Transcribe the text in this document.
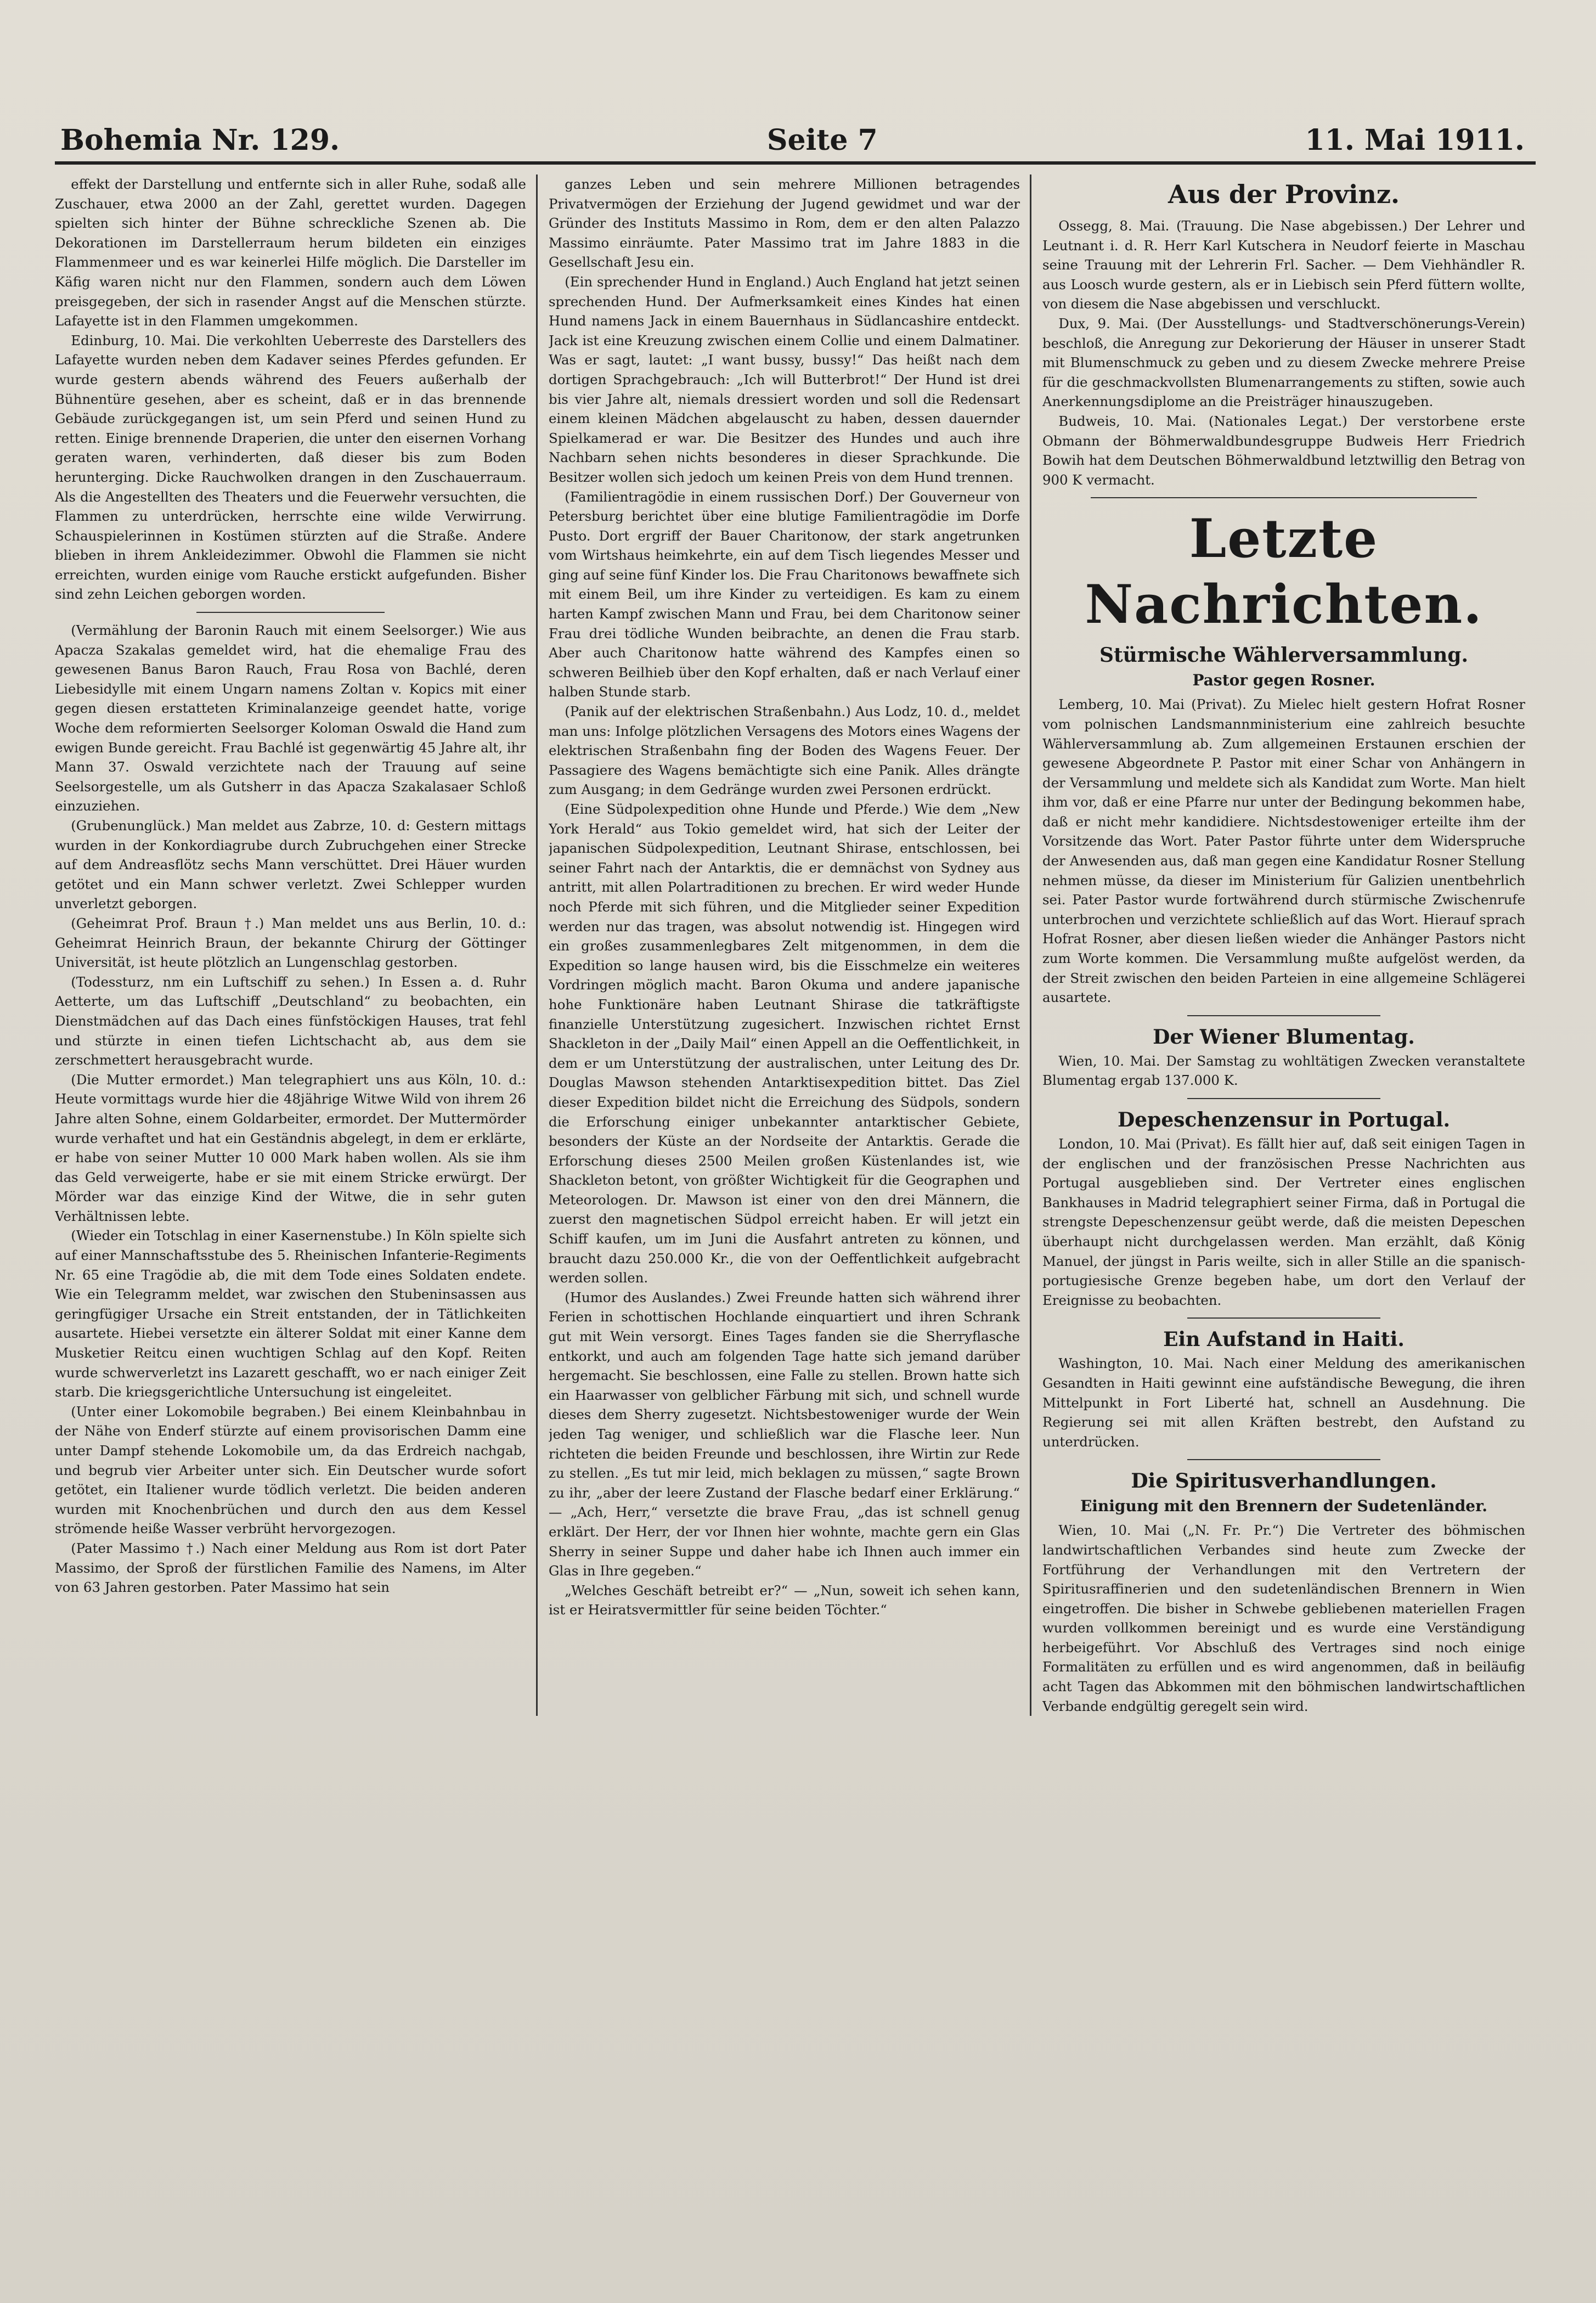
Bohemia Nr. 129.	Seite 7	11. Mai 1911.

effekt der Darstellung und entfernte sich in aller Ruhe, sodaß alle Zuschauer, etwa 2000 an der Zahl, gerettet wurden. Dagegen spielten sich hinter der Bühne schreckliche Szenen ab. Die Dekorationen im Darstellerraum herum bildeten ein einziges Flammenmeer und es war keinerlei Hilfe möglich. Die Darsteller im Käfig waren nicht nur den Flammen, sondern auch dem Löwen preisgegeben, der sich in rasender Angst auf die Menschen stürzte. Lafayette ist in den Flammen umgekommen.

Edinburg, 10. Mai. Die verkohlten Ueberreste des Darstellers des Lafayette wurden neben dem Kadaver seines Pferdes gefunden. Er wurde gestern abends während des Feuers außerhalb der Bühnentüre gesehen, aber es scheint, daß er in das brennende Gebäude zurückgegangen ist, um sein Pferd und seinen Hund zu retten. Einige brennende Draperien, die unter den eisernen Vorhang geraten waren, verhinderten, daß dieser bis zum Boden herunterging. Dicke Rauchwolken drangen in den Zuschauerraum. Als die Angestellten des Theaters und die Feuerwehr versuchten, die Flammen zu unterdrücken, herrschte eine wilde Verwirrung. Schauspielerinnen in Kostümen stürzten auf die Straße. Andere blieben in ihrem Ankleidezimmer. Obwohl die Flammen sie nicht erreichten, wurden einige vom Rauche erstickt aufgefunden. Bisher sind zehn Leichen geborgen worden.

(Vermählung der Baronin Rauch mit einem Seelsorger.) Wie aus Apacza Szakalas gemeldet wird, hat die ehemalige Frau des gewesenen Banus Baron Rauch, Frau Rosa von Bachlé, deren Liebesidylle mit einem Ungarn namens Zoltan v. Kopics mit einer gegen diesen erstatteten Kriminalanzeige geendet hatte, vorige Woche dem reformierten Seelsorger Koloman Oswald die Hand zum ewigen Bunde gereicht. Frau Bachlé ist gegenwärtig 45 Jahre alt, ihr Mann 37. Oswald verzichtete nach der Trauung auf seine Seelsorgestelle, um als Gutsherr in das Apacza Szakalasaer Schloß einzuziehen.

(Grubenunglück.) Man meldet aus Zabrze, 10. d: Gestern mittags wurden in der Konkordiagrube durch Zubruchgehen einer Strecke auf dem Andreasflötz sechs Mann verschüttet. Drei Häuer wurden getötet und ein Mann schwer verletzt. Zwei Schlepper wurden unverletzt geborgen.

(Geheimrat Prof. Braun †.) Man meldet uns aus Berlin, 10. d.: Geheimrat Heinrich Braun, der bekannte Chirurg der Göttinger Universität, ist heute plötzlich an Lungenschlag gestorben.

(Todessturz, nm ein Luftschiff zu sehen.) In Essen a. d. Ruhr Aetterte, um das Luftschiff „Deutschland“ zu beobachten, ein Dienstmädchen auf das Dach eines fünfstöckigen Hauses, trat fehl und stürzte in einen tiefen Lichtschacht ab, aus dem sie zerschmettert herausgebracht wurde.

(Die Mutter ermordet.) Man telegraphiert uns aus Köln, 10. d.: Heute vormittags wurde hier die 48jährige Witwe Wild von ihrem 26 Jahre alten Sohne, einem Goldarbeiter, ermordet. Der Muttermörder wurde verhaftet und hat ein Geständnis abgelegt, in dem er erklärte, er habe von seiner Mutter 10 000 Mark haben wollen. Als sie ihm das Geld verweigerte, habe er sie mit einem Stricke erwürgt. Der Mörder war das einzige Kind der Witwe, die in sehr guten Verhältnissen lebte.

(Wieder ein Totschlag in einer Kasernenstube.) In Köln spielte sich auf einer Mannschaftsstube des 5. Rheinischen Infanterie-Regiments Nr. 65 eine Tragödie ab, die mit dem Tode eines Soldaten endete. Wie ein Telegramm meldet, war zwischen den Stubeninsassen aus geringfügiger Ursache ein Streit entstanden, der in Tätlichkeiten ausartete. Hiebei versetzte ein älterer Soldat mit einer Kanne dem Musketier Reitcu einen wuchtigen Schlag auf den Kopf. Reiten wurde schwerverletzt ins Lazarett geschafft, wo er nach einiger Zeit starb. Die kriegsgerichtliche Untersuchung ist eingeleitet.

(Unter einer Lokomobile begraben.) Bei einem Kleinbahnbau in der Nähe von Enderf stürzte auf einem provisorischen Damm eine unter Dampf stehende Lokomobile um, da das Erdreich nachgab, und begrub vier Arbeiter unter sich. Ein Deutscher wurde sofort getötet, ein Italiener wurde tödlich verletzt. Die beiden anderen wurden mit Knochenbrüchen und durch den aus dem Kessel strömende heiße Wasser verbrüht hervorgezogen.

(Pater Massimo †.) Nach einer Meldung aus Rom ist dort Pater Massimo, der Sproß der fürstlichen Familie des Namens, im Alter von 63 Jahren gestorben. Pater Massimo hat sein

ganzes Leben und sein mehrere Millionen betragendes Privatvermögen der Erziehung der Jugend gewidmet und war der Gründer des Instituts Massimo in Rom, dem er den alten Palazzo Massimo einräumte. Pater Massimo trat im Jahre 1883 in die Gesellschaft Jesu ein.

(Ein sprechender Hund in England.) Auch England hat jetzt seinen sprechenden Hund. Der Aufmerksamkeit eines Kindes hat einen Hund namens Jack in einem Bauernhaus in Südlancashire entdeckt. Jack ist eine Kreuzung zwischen einem Collie und einem Dalmatiner. Was er sagt, lautet: „I want bussy, bussy!“ Das heißt nach dem dortigen Sprachgebrauch: „Ich will Butterbrot!“ Der Hund ist drei bis vier Jahre alt, niemals dressiert worden und soll die Redensart einem kleinen Mädchen abgelauscht zu haben, dessen dauernder Spielkamerad er war. Die Besitzer des Hundes und auch ihre Nachbarn sehen nichts besonderes in dieser Sprachkunde. Die Besitzer wollen sich jedoch um keinen Preis von dem Hund trennen.

(Familientragödie in einem russischen Dorf.) Der Gouverneur von Petersburg berichtet über eine blutige Familientragödie im Dorfe Pusto. Dort ergriff der Bauer Charitonow, der stark angetrunken vom Wirtshaus heimkehrte, ein auf dem Tisch liegendes Messer und ging auf seine fünf Kinder los. Die Frau Charitonows bewaffnete sich mit einem Beil, um ihre Kinder zu verteidigen. Es kam zu einem harten Kampf zwischen Mann und Frau, bei dem Charitonow seiner Frau drei tödliche Wunden beibrachte, an denen die Frau starb. Aber auch Charitonow hatte während des Kampfes einen so schweren Beilhieb über den Kopf erhalten, daß er nach Verlauf einer halben Stunde starb.

(Panik auf der elektrischen Straßenbahn.) Aus Lodz, 10. d., meldet man uns: Infolge plötzlichen Versagens des Motors eines Wagens der elektrischen Straßenbahn fing der Boden des Wagens Feuer. Der Passagiere des Wagens bemächtigte sich eine Panik. Alles drängte zum Ausgang; in dem Gedränge wurden zwei Personen erdrückt.

(Eine Südpolexpedition ohne Hunde und Pferde.) Wie dem „New York Herald“ aus Tokio gemeldet wird, hat sich der Leiter der japanischen Südpolexpedition, Leutnant Shirase, entschlossen, bei seiner Fahrt nach der Antarktis, die er demnächst von Sydney aus antritt, mit allen Polartraditionen zu brechen. Er wird weder Hunde noch Pferde mit sich führen, und die Mitglieder seiner Expedition werden nur das tragen, was absolut notwendig ist. Hingegen wird ein großes zusammenlegbares Zelt mitgenommen, in dem die Expedition so lange hausen wird, bis die Eisschmelze ein weiteres Vordringen möglich macht. Baron Okuma und andere japanische hohe Funktionäre haben Leutnant Shirase die tatkräftigste finanzielle Unterstützung zugesichert. Inzwischen richtet Ernst Shackleton in der „Daily Mail“ einen Appell an die Oeffentlichkeit, in dem er um Unterstützung der australischen, unter Leitung des Dr. Douglas Mawson stehenden Antarktisexpedition bittet. Das Ziel dieser Expedition bildet nicht die Erreichung des Südpols, sondern die Erforschung einiger unbekannter antarktischer Gebiete, besonders der Küste an der Nordseite der Antarktis. Gerade die Erforschung dieses 2500 Meilen großen Küstenlandes ist, wie Shackleton betont, von größter Wichtigkeit für die Geographen und Meteorologen. Dr. Mawson ist einer von den drei Männern, die zuerst den magnetischen Südpol erreicht haben. Er will jetzt ein Schiff kaufen, um im Juni die Ausfahrt antreten zu können, und braucht dazu 250.000 Kr., die von der Oeffentlichkeit aufgebracht werden sollen.

(Humor des Auslandes.) Zwei Freunde hatten sich während ihrer Ferien in schottischen Hochlande einquartiert und ihren Schrank gut mit Wein versorgt. Eines Tages fanden sie die Sherryflasche entkorkt, und auch am folgenden Tage hatte sich jemand darüber hergemacht. Sie beschlossen, eine Falle zu stellen. Brown hatte sich ein Haarwasser von gelblicher Färbung mit sich, und schnell wurde dieses dem Sherry zugesetzt. Nichtsbestoweniger wurde der Wein jeden Tag weniger, und schließlich war die Flasche leer. Nun richteten die beiden Freunde und beschlossen, ihre Wirtin zur Rede zu stellen. „Es tut mir leid, mich beklagen zu müssen,“ sagte Brown zu ihr, „aber der leere Zustand der Flasche bedarf einer Erklärung.“ — „Ach, Herr,“ versetzte die brave Frau, „das ist schnell genug erklärt. Der Herr, der vor Ihnen hier wohnte, machte gern ein Glas Sherry in seiner Suppe und daher habe ich Ihnen auch immer ein Glas in Ihre gegeben.“

„Welches Geschäft betreibt er?“ — „Nun, soweit ich sehen kann, ist er Heiratsvermittler für seine beiden Töchter.“

Aus der Provinz.

Ossegg, 8. Mai. (Trauung. Die Nase abgebissen.) Der Lehrer und Leutnant i. d. R. Herr Karl Kutschera in Neudorf feierte in Maschau seine Trauung mit der Lehrerin Frl. Sacher. — Dem Viehhändler R. aus Loosch wurde gestern, als er in Liebisch sein Pferd füttern wollte, von diesem die Nase abgebissen und verschluckt.

Dux, 9. Mai. (Der Ausstellungs- und Stadtverschönerungs-Verein) beschloß, die Anregung zur Dekorierung der Häuser in unserer Stadt mit Blumenschmuck zu geben und zu diesem Zwecke mehrere Preise für die geschmackvollsten Blumenarrangements zu stiften, sowie auch Anerkennungsdiplome an die Preisträger hinauszugeben.

Budweis, 10. Mai. (Nationales Legat.) Der verstorbene erste Obmann der Böhmerwaldbundesgruppe Budweis Herr Friedrich Bowih hat dem Deutschen Böhmerwaldbund letztwillig den Betrag von 900 K vermacht.

Letzte Nachrichten.
Stürmische Wählerversammlung.
Pastor gegen Rosner.

Lemberg, 10. Mai (Privat). Zu Mielec hielt gestern Hofrat Rosner vom polnischen Landsmannministerium eine zahlreich besuchte Wählerversammlung ab. Zum allgemeinen Erstaunen erschien der gewesene Abgeordnete P. Pastor mit einer Schar von Anhängern in der Versammlung und meldete sich als Kandidat zum Worte. Man hielt ihm vor, daß er eine Pfarre nur unter der Bedingung bekommen habe, daß er nicht mehr kandidiere. Nichtsdestoweniger erteilte ihm der Vorsitzende das Wort. Pater Pastor führte unter dem Widerspruche der Anwesenden aus, daß man gegen eine Kandidatur Rosner Stellung nehmen müsse, da dieser im Ministerium für Galizien unentbehrlich sei. Pater Pastor wurde fortwährend durch stürmische Zwischenrufe unterbrochen und verzichtete schließlich auf das Wort. Hierauf sprach Hofrat Rosner, aber diesen ließen wieder die Anhänger Pastors nicht zum Worte kommen. Die Versammlung mußte aufgelöst werden, da der Streit zwischen den beiden Parteien in eine allgemeine Schlägerei ausartete.

Der Wiener Blumentag.

Wien, 10. Mai. Der Samstag zu wohltätigen Zwecken veranstaltete Blumentag ergab 137.000 K.

Depeschenzensur in Portugal.

London, 10. Mai (Privat). Es fällt hier auf, daß seit einigen Tagen in der englischen und der französischen Presse Nachrichten aus Portugal ausgeblieben sind. Der Vertreter eines englischen Bankhauses in Madrid telegraphiert seiner Firma, daß in Portugal die strengste Depeschenzensur geübt werde, daß die meisten Depeschen überhaupt nicht durchgelassen werden. Man erzählt, daß König Manuel, der jüngst in Paris weilte, sich in aller Stille an die spanisch-portugiesische Grenze begeben habe, um dort den Verlauf der Ereignisse zu beobachten.

Ein Aufstand in Haiti.

Washington, 10. Mai. Nach einer Meldung des amerikanischen Gesandten in Haiti gewinnt eine aufständische Bewegung, die ihren Mittelpunkt in Fort Liberté hat, schnell an Ausdehnung. Die Regierung sei mit allen Kräften bestrebt, den Aufstand zu unterdrücken.

Die Spiritusverhandlungen.
Einigung mit den Brennern der Sudetenländer.

Wien, 10. Mai („N. Fr. Pr.“) Die Vertreter des böhmischen landwirtschaftlichen Verbandes sind heute zum Zwecke der Fortführung der Verhandlungen mit den Vertretern der Spiritusraffinerien und den sudetenländischen Brennern in Wien eingetroffen. Die bisher in Schwebe gebliebenen materiellen Fragen wurden vollkommen bereinigt und es wurde eine Verständigung herbeigeführt. Vor Abschluß des Vertrages sind noch einige Formalitäten zu erfüllen und es wird angenommen, daß in beiläufig acht Tagen das Abkommen mit den böhmischen landwirtschaftlichen Verbande endgültig geregelt sein wird.
